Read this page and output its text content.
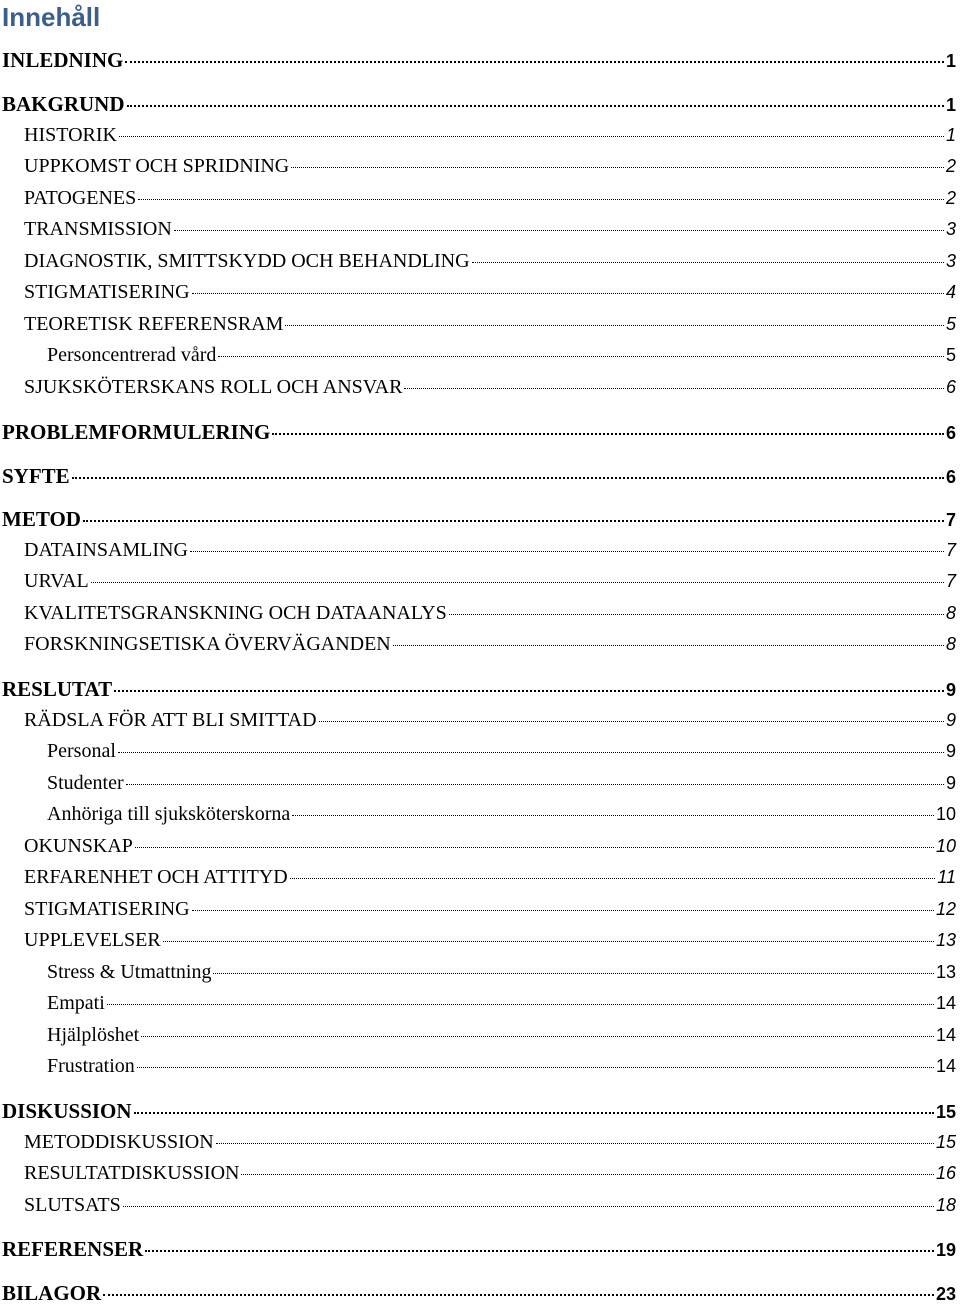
Innehåll
INLEDNING	1
BAKGRUND	1
HISTORIK	1
UPPKOMST OCH SPRIDNING	2
PATOGENES	2
TRANSMISSION	3
DIAGNOSTIK, SMITTSKYDD OCH BEHANDLING	3
STIGMATISERING	4
TEORETISK REFERENSRAM	5
Personcentrerad vård	5
SJUKSKÖTERSKANS ROLL OCH ANSVAR	6
PROBLEMFORMULERING	6
SYFTE	6
METOD	7
DATAINSAMLING	7
URVAL	7
KVALITETSGRANSKNING OCH DATAANALYS	8
FORSKNINGSETISKA ÖVERVÄGANDEN	8
RESLUTAT	9
RÄDSLA FÖR ATT BLI SMITTAD	9
Personal	9
Studenter	9
Anhöriga till sjuksköterskorna	10
OKUNSKAP	10
ERFARENHET OCH ATTITYD	11
STIGMATISERING	12
UPPLEVELSER	13
Stress & Utmattning	13
Empati	14
Hjälplöshet	14
Frustration	14
DISKUSSION	15
METODDISKUSSION	15
RESULTATDISKUSSION	16
SLUTSATS	18
REFERENSER	19
BILAGOR	23
